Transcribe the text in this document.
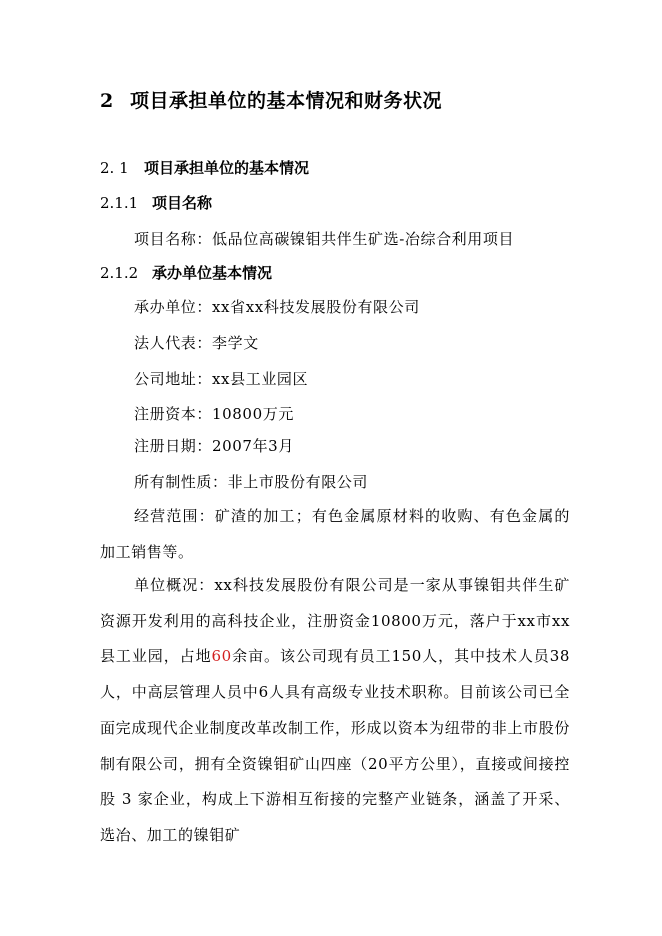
2 项目承担单位的基本情况和财务状况
2. 1 项目承担单位的基本情况
2.1.1 项目名称
项目名称：低品位高碳镍钼共伴生矿选-冶综合利用项目
2.1.2 承办单位基本情况
承办单位：xx省xx科技发展股份有限公司
法人代表：李学文
公司地址：xx县工业园区
注册资本：10800万元
注册日期：2007年3月
所有制性质：非上市股份有限公司
经营范围：矿渣的加工；有色金属原材料的收购、有色金属的加工销售等。
单位概况：xx科技发展股份有限公司是一家从事镍钼共伴生矿资源开发利用的高科技企业，注册资金10800万元，落户于xx市xx县工业园，占地60余亩。该公司现有员工150人，其中技术人员38人，中高层管理人员中6人具有高级专业技术职称。目前该公司已全面完成现代企业制度改革改制工作，形成以资本为纽带的非上市股份制有限公司，拥有全资镍钼矿山四座（20平方公里），直接或间接控股 3 家企业，构成上下游相互衔接的完整产业链条，涵盖了开采、选冶、加工的镍钼矿
